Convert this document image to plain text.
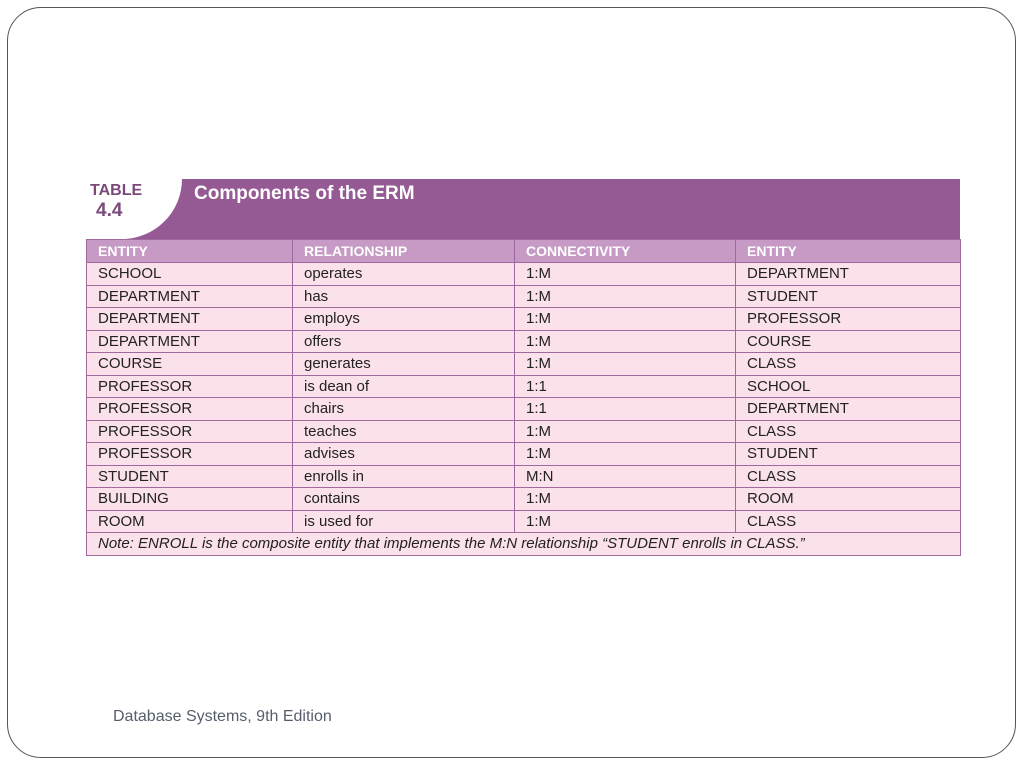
TABLE
4.4
Components of the ERM
ENTITY	RELATIONSHIP	CONNECTIVITY	ENTITY
SCHOOL	operates	1:M	DEPARTMENT
DEPARTMENT	has	1:M	STUDENT
DEPARTMENT	employs	1:M	PROFESSOR
DEPARTMENT	offers	1:M	COURSE
COURSE	generates	1:M	CLASS
PROFESSOR	is dean of	1:1	SCHOOL
PROFESSOR	chairs	1:1	DEPARTMENT
PROFESSOR	teaches	1:M	CLASS
PROFESSOR	advises	1:M	STUDENT
STUDENT	enrolls in	M:N	CLASS
BUILDING	contains	1:M	ROOM
ROOM	is used for	1:M	CLASS
Note: ENROLL is the composite entity that implements the M:N relationship “STUDENT enrolls in CLASS.”			
Database Systems, 9th Edition
